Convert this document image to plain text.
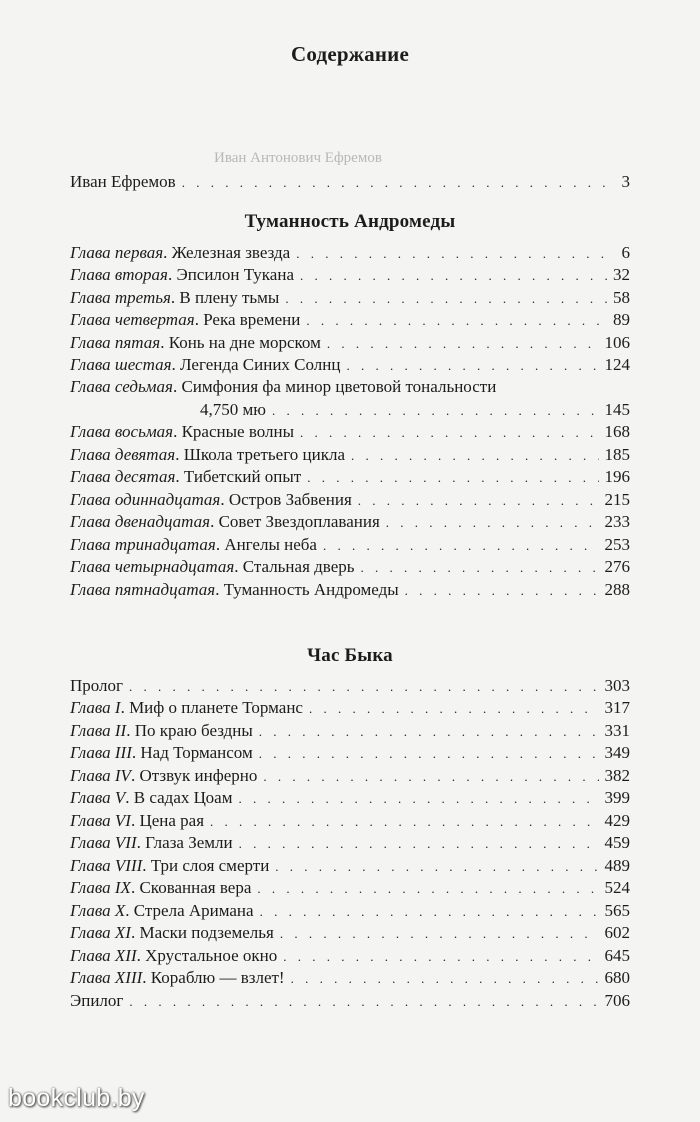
Иван Антонович Ефремов
Содержание
Иван Ефремов . . .	3
Туманность Андромеды
Глава первая. Железная звезда . . .	6
Глава вторая. Эпсилон Тукана . . .	32
Глава третья. В плену тьмы . . .	58
Глава четвертая. Река времени . . .	89
Глава пятая. Конь на дне морском . . .	106
Глава шестая. Легенда Синих Солнц . . .	124
Глава седьмая. Симфония фа минор цветовой тональности
4,750 мю . . .	145
Глава восьмая. Красные волны . . .	168
Глава девятая. Школа третьего цикла . . .	185
Глава десятая. Тибетский опыт . . .	196
Глава одиннадцатая. Остров Забвения . . .	215
Глава двенадцатая. Совет Звездоплавания . . .	233
Глава тринадцатая. Ангелы неба . . .	253
Глава четырнадцатая. Стальная дверь . . .	276
Глава пятнадцатая. Туманность Андромеды . . .	288
Час Быка
Пролог . . .	303
Глава I. Миф о планете Торманс . . .	317
Глава II. По краю бездны . . .	331
Глава III. Над Тормансом . . .	349
Глава IV. Отзвук инферно . . .	382
Глава V. В садах Цоам . . .	399
Глава VI. Цена рая . . .	429
Глава VII. Глаза Земли . . .	459
Глава VIII. Три слоя смерти . . .	489
Глава IX. Скованная вера . . .	524
Глава X. Стрела Аримана . . .	565
Глава XI. Маски подземелья . . .	602
Глава XII. Хрустальное окно . . .	645
Глава XIII. Кораблю — взлет! . . .	680
Эпилог . . .	706
bookclub.by
